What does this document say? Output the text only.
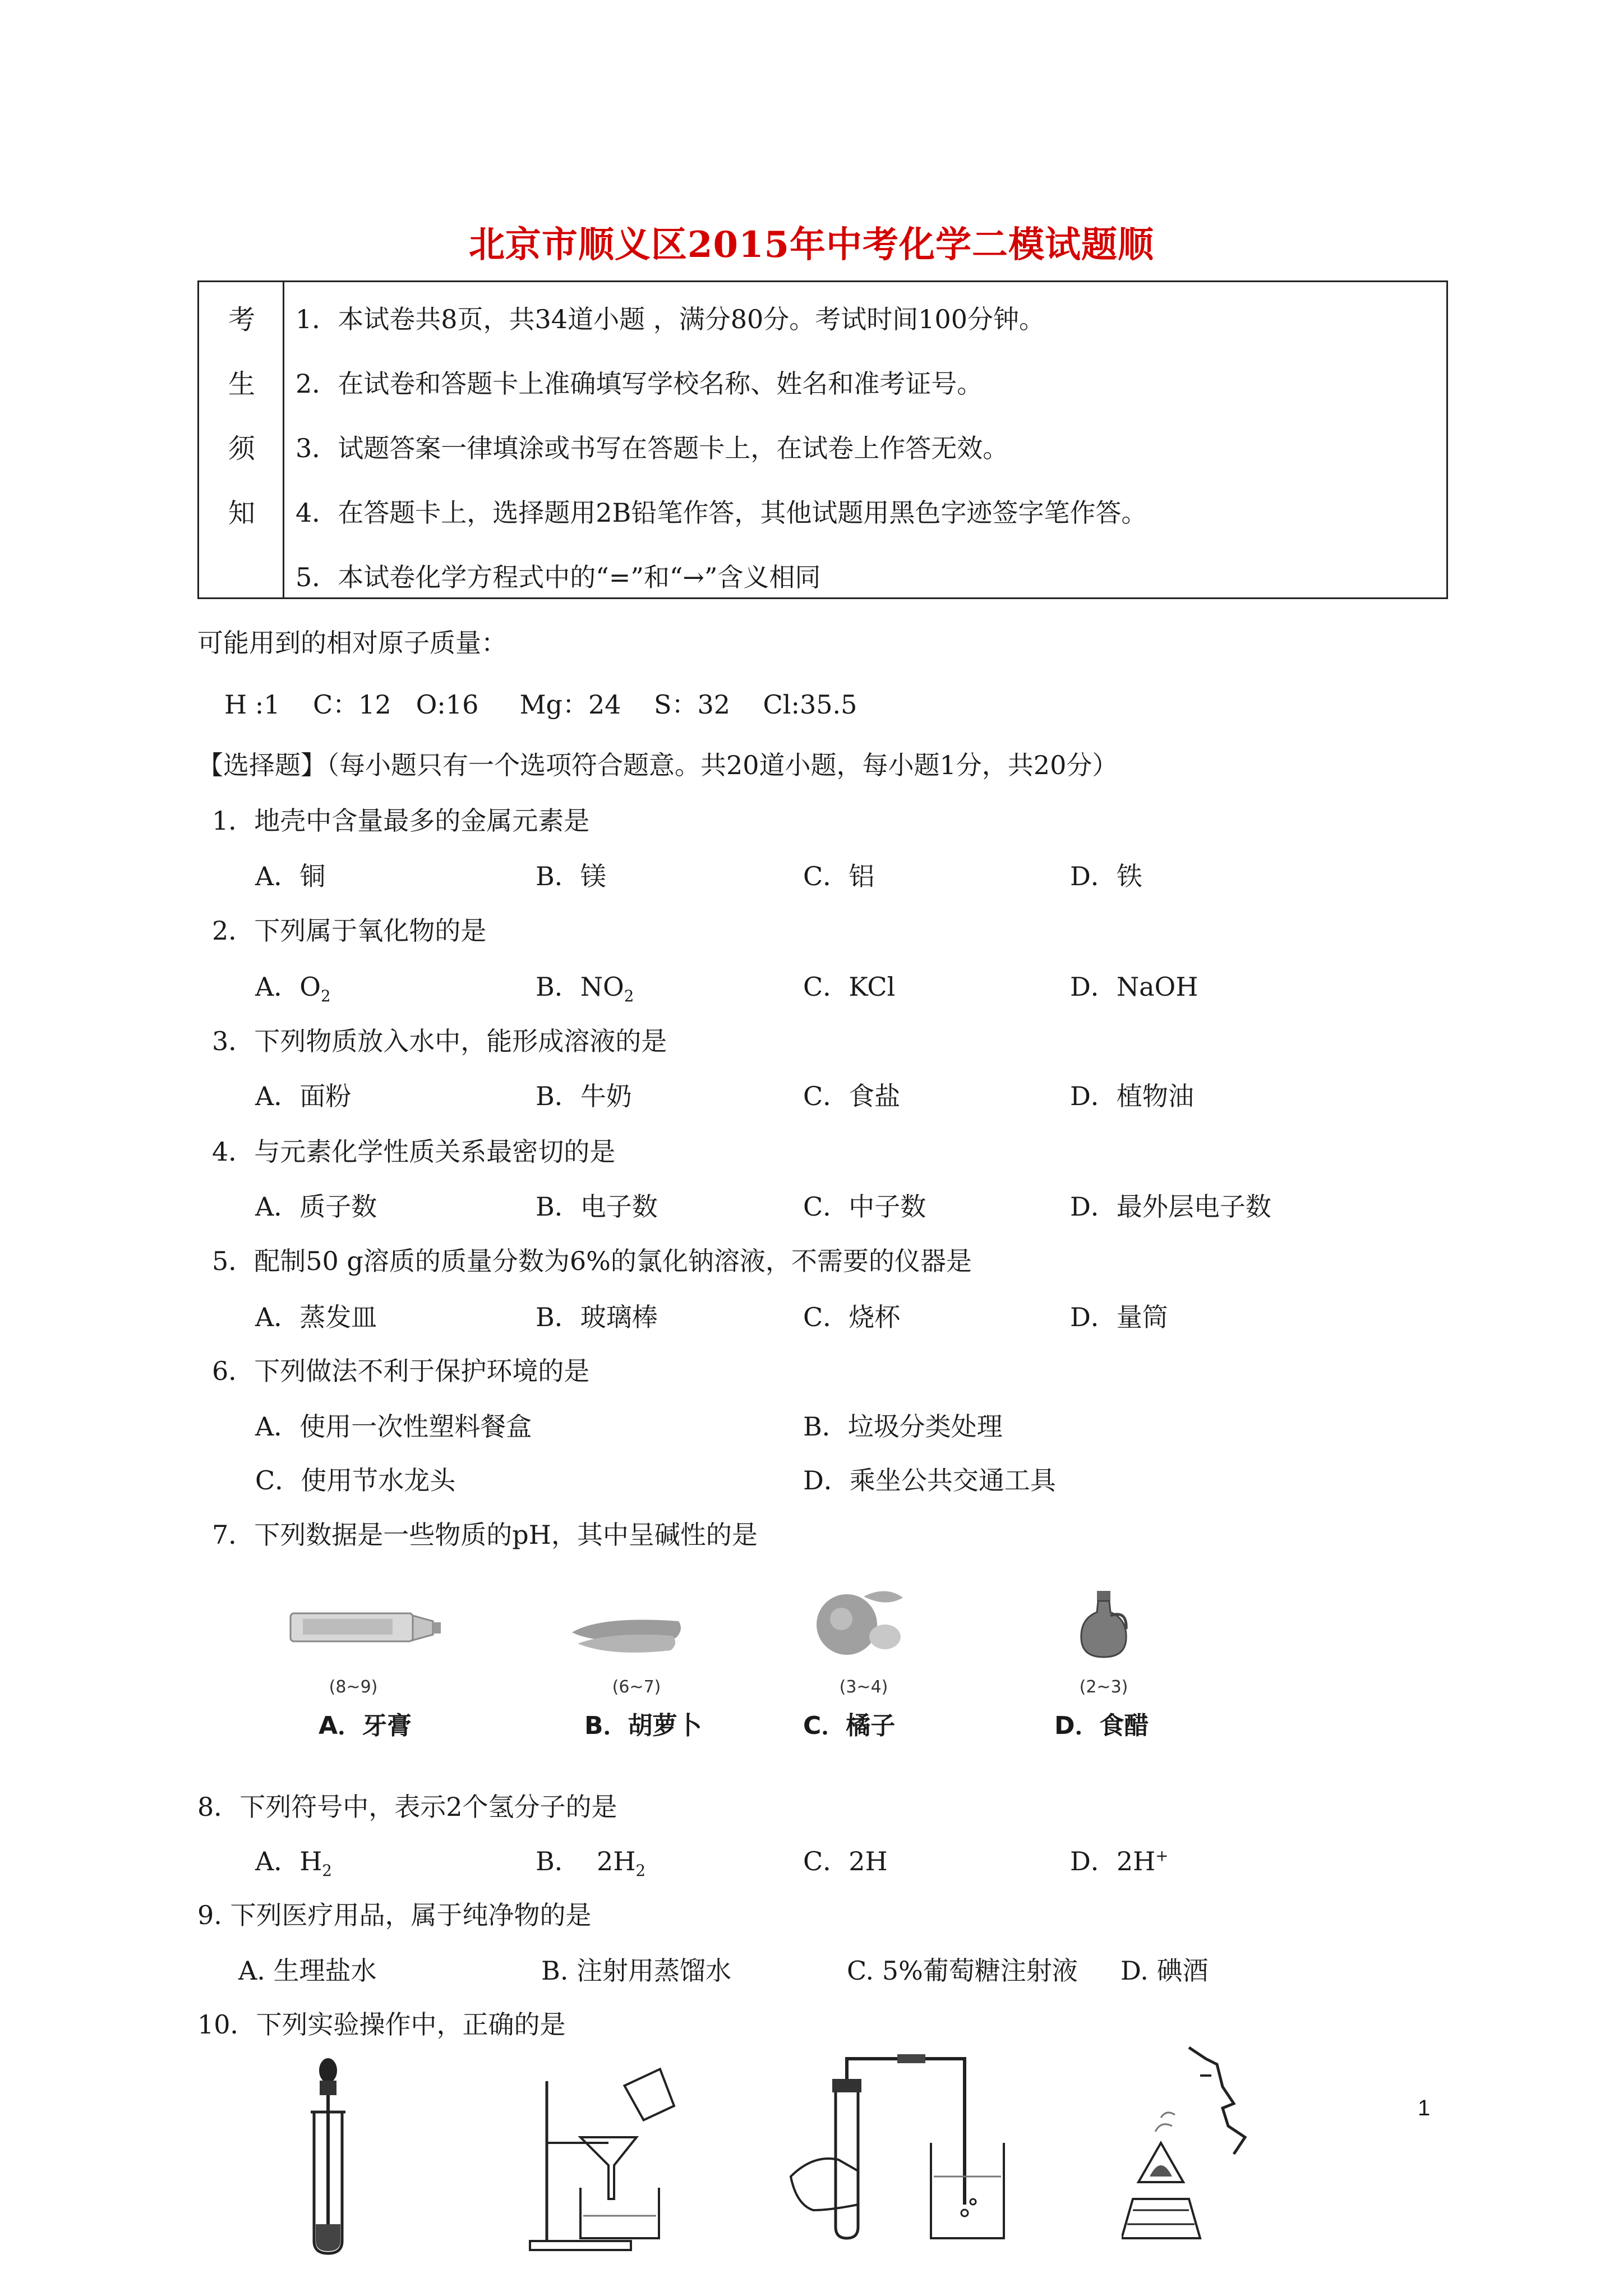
北京市顺义区2015年中考化学二模试题顺
考
生
须
知
1．本试卷共8页，共34道小题 ，满分80分。考试时间100分钟。
2．在试卷和答题卡上准确填写学校名称、姓名和准考证号。
3．试题答案一律填涂或书写在答题卡上，在试卷上作答无效。
4．在答题卡上，选择题用2B铅笔作答，其他试题用黑色字迹签字笔作答。
5．本试卷化学方程式中的“=”和“→”含义相同
可能用到的相对原子质量：
H :1    C：12   O:16     Mg：24    S：32    Cl:35.5
【选择题】（每小题只有一个选项符合题意。共20道小题，每小题1分，共20分）
1．地壳中含量最多的金属元素是
A．铜	B．镁	C．铝	D．铁
2．下列属于氧化物的是
A．$O_2$	B．$NO_2$	C．KCl	D．NaOH
3．下列物质放入水中，能形成溶液的是
A．面粉	B．牛奶	C．食盐	D．植物油
4．与元素化学性质关系最密切的是
A．质子数	B．电子数	C．中子数	D．最外层电子数
5．配制50 g溶质的质量分数为6%的氯化钠溶液，不需要的仪器是
A．蒸发皿	B．玻璃棒	C．烧杯	D．量筒
6．下列做法不利于保护环境的是
A．使用一次性塑料餐盒	B．垃圾分类处理
C．使用节水龙头	D．乘坐公共交通工具
7．下列数据是一些物质的pH，其中呈碱性的是
(8~9)	(6~7)	(3~4)	(2~3)
A．牙膏	B．胡萝卜	C．橘子	D．食醋
8．下列符号中，表示2个氢分子的是
A．$H_2$	B．  $2H_2$	C．2H	D．2H+
9. 下列医疗用品，属于纯净物的是
A. 生理盐水	B. 注射用蒸馏水	C. 5%葡萄糖注射液 D. 碘酒
10．下列实验操作中，正确的是
1
